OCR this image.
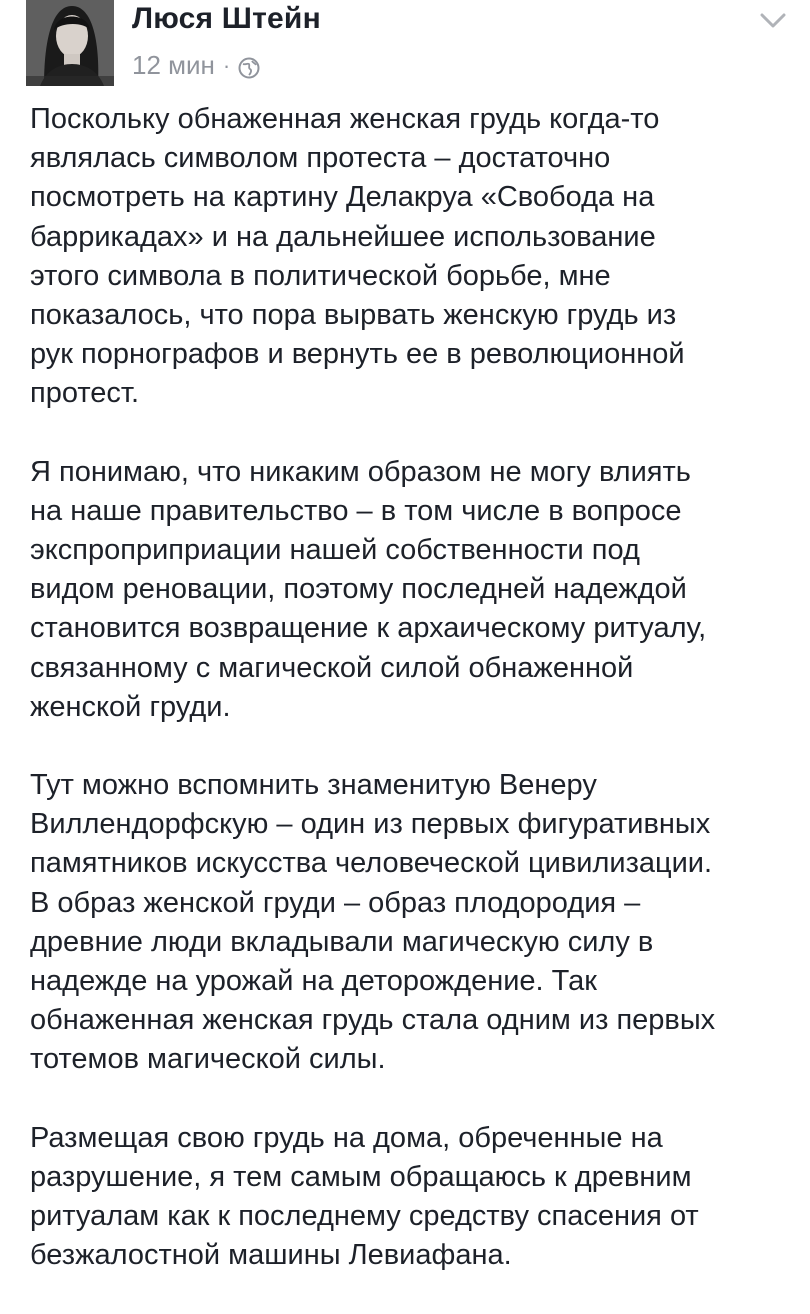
Люся Штейн
12 мин ·

Поскольку обнаженная женская грудь когда-то
являлась символом протеста – достаточно
посмотреть на картину Делакруа «Свобода на
баррикадах» и на дальнейшее использование
этого символа в политической борьбе, мне
показалось, что пора вырвать женскую грудь из
рук порнографов и вернуть ее в революционной
протест.

Я понимаю, что никаким образом не могу влиять
на наше правительство – в том числе в вопросе
экспроприприации нашей собственности под
видом реновации, поэтому последней надеждой
становится возвращение к архаическому ритуалу,
связанному с магической силой обнаженной
женской груди.

Тут можно вспомнить знаменитую Венеру
Виллендорфскую – один из первых фигуративных
памятников искусства человеческой цивилизации.
В образ женской груди – образ плодородия –
древние люди вкладывали магическую силу в
надежде на урожай на деторождение. Так
обнаженная женская грудь стала одним из первых
тотемов магической силы.

Размещая свою грудь на дома, обреченные на
разрушение, я тем самым обращаюсь к древним
ритуалам как к последнему средству спасения от
безжалостной машины Левиафана.
